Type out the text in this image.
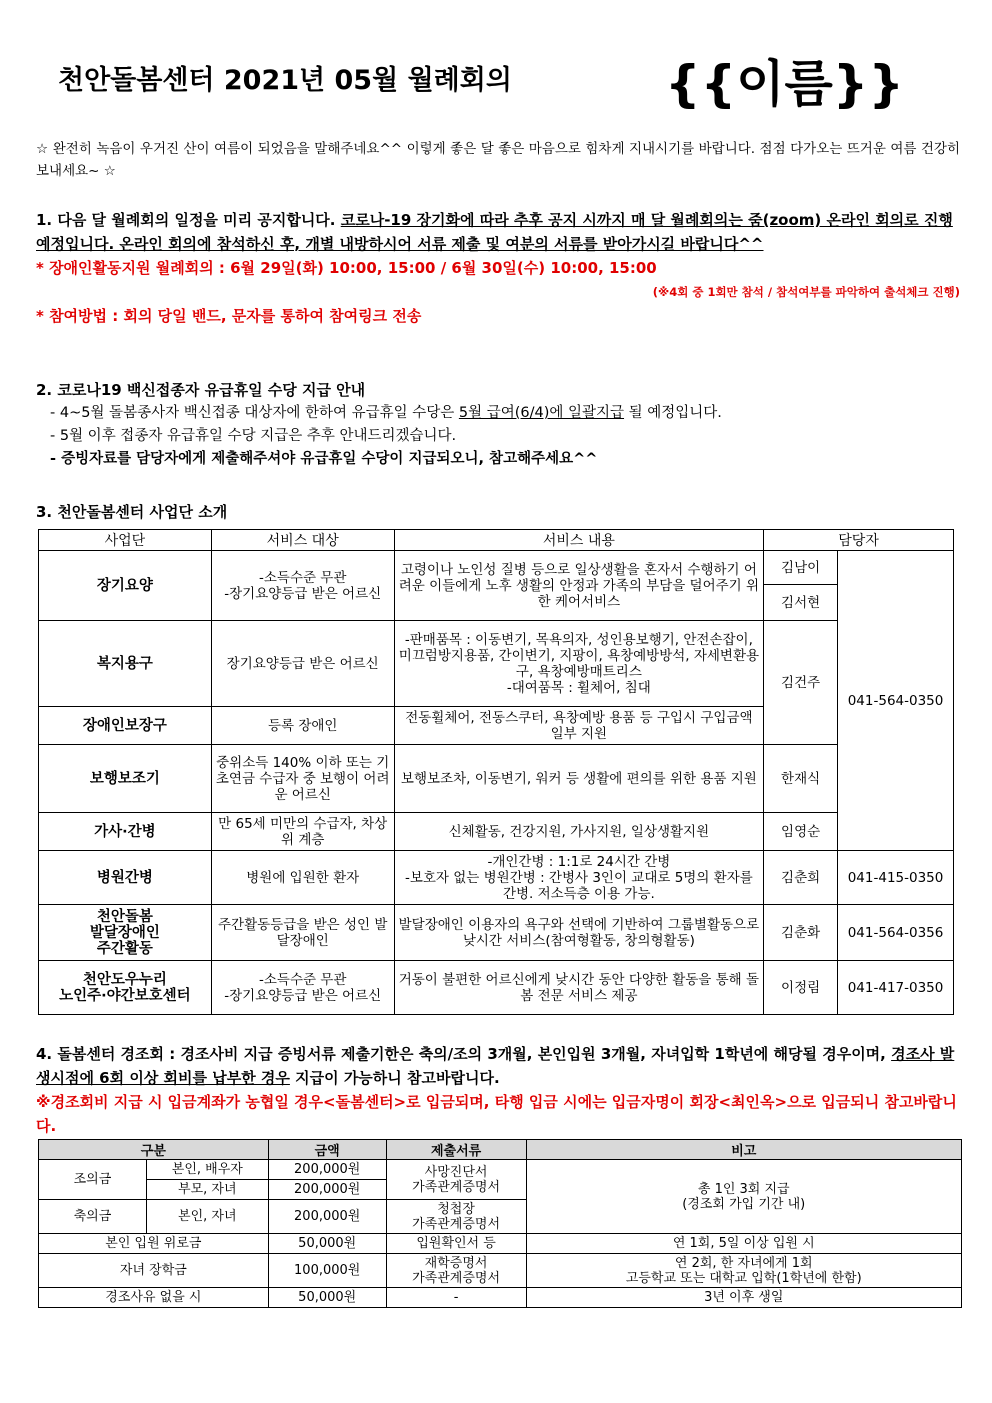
천안돌봄센터 2021년 05월 월례회의	{{이름}}
☆ 완전히 녹음이 우거진 산이 여름이 되었음을 말해주네요^^ 이렇게 좋은 달 좋은 마음으로 힘차게 지내시기를 바랍니다. 점점 다가오는 뜨거운 여름 건강히 보내세요~ ☆
1. 다음 달 월례회의 일정을 미리 공지합니다. 코로나-19 장기화에 따라 추후 공지 시까지 매 달 월례회의는 줌(zoom) 온라인 회의로 진행 예정입니다. 온라인 회의에 참석하신 후, 개별 내방하시어 서류 제출 및 여분의 서류를 받아가시길 바랍니다^^
* 장애인활동지원 월례회의 : 6월 29일(화) 10:00, 15:00 / 6월 30일(수) 10:00, 15:00
(※4회 중 1회만 참석 / 참석여부를 파악하여 출석체크 진행)
* 참여방법 : 회의 당일 밴드, 문자를 통하여 참여링크 전송
2. 코로나19 백신접종자 유급휴일 수당 지급 안내
- 4~5월 돌봄종사자 백신접종 대상자에 한하여 유급휴일 수당은 5월 급여(6/4)에 일괄지급 될 예정입니다.
- 5월 이후 접종자 유급휴일 수당 지급은 추후 안내드리겠습니다.
- 증빙자료를 담당자에게 제출해주셔야 유급휴일 수당이 지급되오니, 참고해주세요^^
3. 천안돌봄센터 사업단 소개
사업단	서비스 대상	서비스 내용	담당자	
장기요양	-소득수준 무관
-장기요양등급 받은 어르신	고령이나 노인성 질병 등으로 일상생활을 혼자서 수행하기 어려운 이들에게 노후 생활의 안정과 가족의 부담을 덜어주기 위한 케어서비스	김남이	041-564-0350
			김서현	
복지용구	장기요양등급 받은 어르신	-판매품목 : 이동변기, 목욕의자, 성인용보행기, 안전손잡이, 미끄럼방지용품, 간이변기, 지팡이, 욕창예방방석, 자세변환용구, 욕창예방매트리스
-대여품목 : 휠체어, 침대	김건주	
장애인보장구	등록 장애인	전동휠체어, 전동스쿠터, 욕창예방 용품 등 구입시 구입금액 일부 지원		
보행보조기	중위소득 140% 이하 또는 기초연금 수급자 중 보행이 어려운 어르신	보행보조차, 이동변기, 워커 등 생활에 편의를 위한 용품 지원	한재식	
가사·간병	만 65세 미만의 수급자, 차상위 계층	신체활동, 건강지원, 가사지원, 일상생활지원	임영순	
병원간병	병원에 입원한 환자	-개인간병 : 1:1로 24시간 간병
-보호자 없는 병원간병 : 간병사 3인이 교대로 5명의 환자를 간병. 저소득층 이용 가능.	김춘희	041-415-0350
천안돌봄
발달장애인
주간활동	주간활동등급을 받은 성인 발달장애인	발달장애인 이용자의 욕구와 선택에 기반하여 그룹별활동으로 낮시간 서비스(참여형활동, 창의형활동)	김춘화	041-564-0356
천안도우누리
노인주·야간보호센터	-소득수준 무관
-장기요양등급 받은 어르신	거동이 불편한 어르신에게 낮시간 동안 다양한 활동을 통해 돌봄 전문 서비스 제공	이정림	041-417-0350
4. 돌봄센터 경조회 : 경조사비 지급 증빙서류 제출기한은 축의/조의 3개월, 본인입원 3개월, 자녀입학 1학년에 해당될 경우이며, 경조사 발생시점에 6회 이상 회비를 납부한 경우 지급이 가능하니 참고바랍니다.
※경조회비 지급 시 입금계좌가 농협일 경우<돌봄센터>로 입금되며, 타행 입금 시에는 입금자명이 회장<최인옥>으로 입금되니 참고바랍니다.
구분		금액	제출서류	비고
조의금	본인, 배우자	200,000원	사망진단서
가족관계증명서	총 1인 3회 지급
(경조회 가입 기간 내)
	부모, 자녀	200,000원		
축의금	본인, 자녀	200,000원	청첩장
가족관계증명서	
본인 입원 위로금		50,000원	입원확인서 등	연 1회, 5일 이상 입원 시
자녀 장학금		100,000원	재학증명서
가족관계증명서	연 2회, 한 자녀에게 1회
고등학교 또는 대학교 입학(1학년에 한함)
경조사유 없을 시		50,000원	-	3년 이후 생일
